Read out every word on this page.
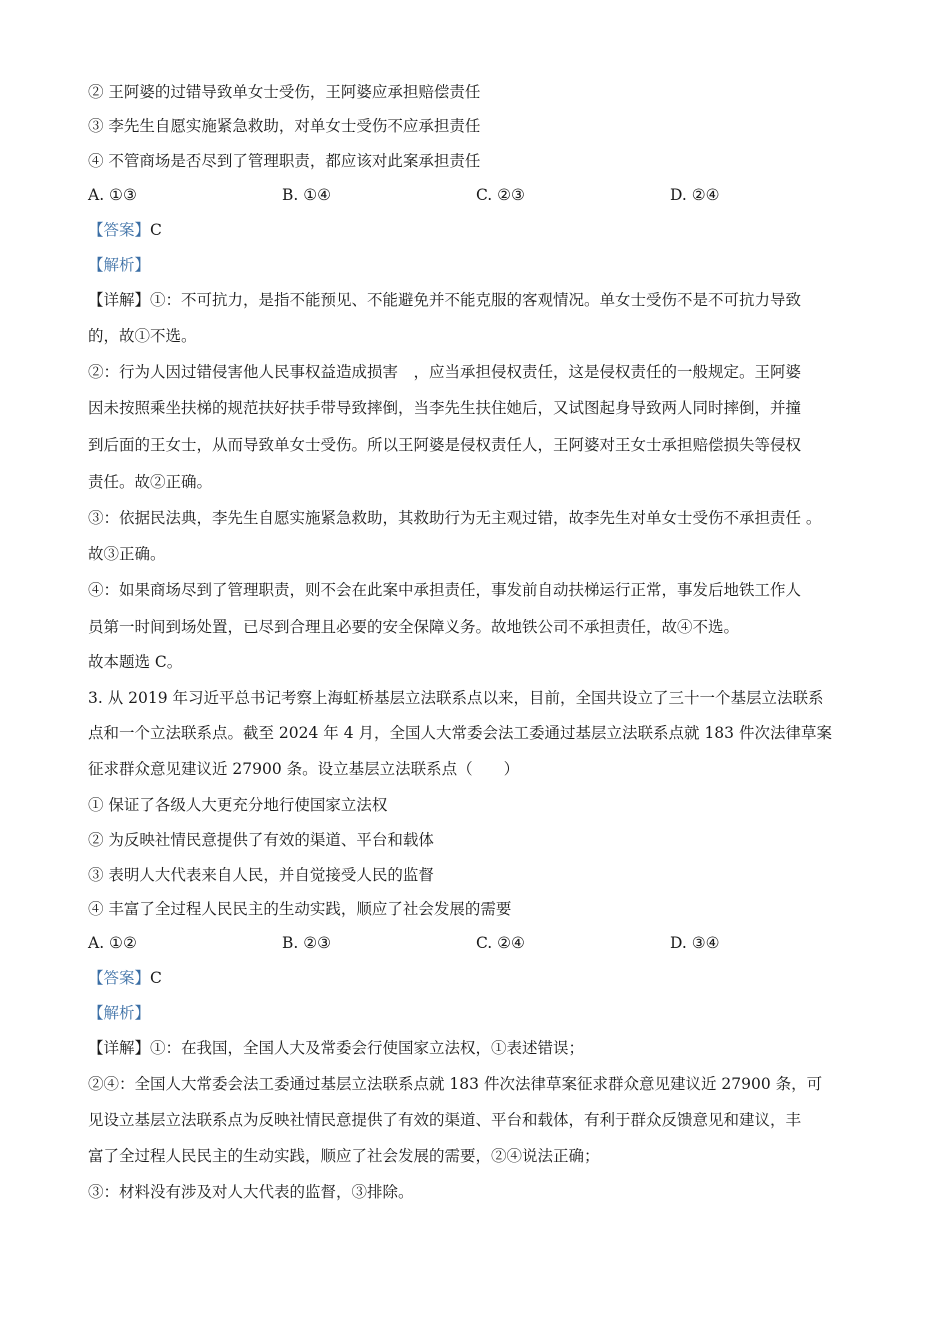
② 王阿婆的过错导致单女士受伤，王阿婆应承担赔偿责任
③ 李先生自愿实施紧急救助，对单女士受伤不应承担责任
④ 不管商场是否尽到了管理职责，都应该对此案承担责任
A. ①③	B. ①④	C. ②③	D. ②④
【答案】C
【解析】
【详解】①：不可抗力，是指不能预见、不能避免并不能克服的客观情况。单女士受伤不是不可抗力导致
的，故①不选。
②：行为人因过错侵害他人民事权益造成损害　，应当承担侵权责任，这是侵权责任的一般规定。王阿婆
因未按照乘坐扶梯的规范扶好扶手带导致摔倒，当李先生扶住她后，又试图起身导致两人同时摔倒，并撞
到后面的王女士，从而导致单女士受伤。所以王阿婆是侵权责任人，王阿婆对王女士承担赔偿损失等侵权
责任。故②正确。
③：依据民法典，李先生自愿实施紧急救助，其救助行为无主观过错，故李先生对单女士受伤不承担责任 。
故③正确。
④：如果商场尽到了管理职责，则不会在此案中承担责任，事发前自动扶梯运行正常，事发后地铁工作人
员第一时间到场处置，已尽到合理且必要的安全保障义务。故地铁公司不承担责任，故④不选。
故本题选 C。
3. 从 2019 年习近平总书记考察上海虹桥基层立法联系点以来，目前，全国共设立了三十一个基层立法联系
点和一个立法联系点。截至 2024 年 4 月，全国人大常委会法工委通过基层立法联系点就 183 件次法律草案
征求群众意见建议近 27900 条。设立基层立法联系点（　　）
① 保证了各级人大更充分地行使国家立法权
② 为反映社情民意提供了有效的渠道、平台和载体
③ 表明人大代表来自人民，并自觉接受人民的监督
④ 丰富了全过程人民民主的生动实践，顺应了社会发展的需要
A. ①②	B. ②③	C. ②④	D. ③④
【答案】C
【解析】
【详解】①：在我国，全国人大及常委会行使国家立法权，①表述错误；
②④：全国人大常委会法工委通过基层立法联系点就 183 件次法律草案征求群众意见建议近 27900 条，可
见设立基层立法联系点为反映社情民意提供了有效的渠道、平台和载体，有利于群众反馈意见和建议，丰
富了全过程人民民主的生动实践，顺应了社会发展的需要，②④说法正确；
③：材料没有涉及对人大代表的监督，③排除。
